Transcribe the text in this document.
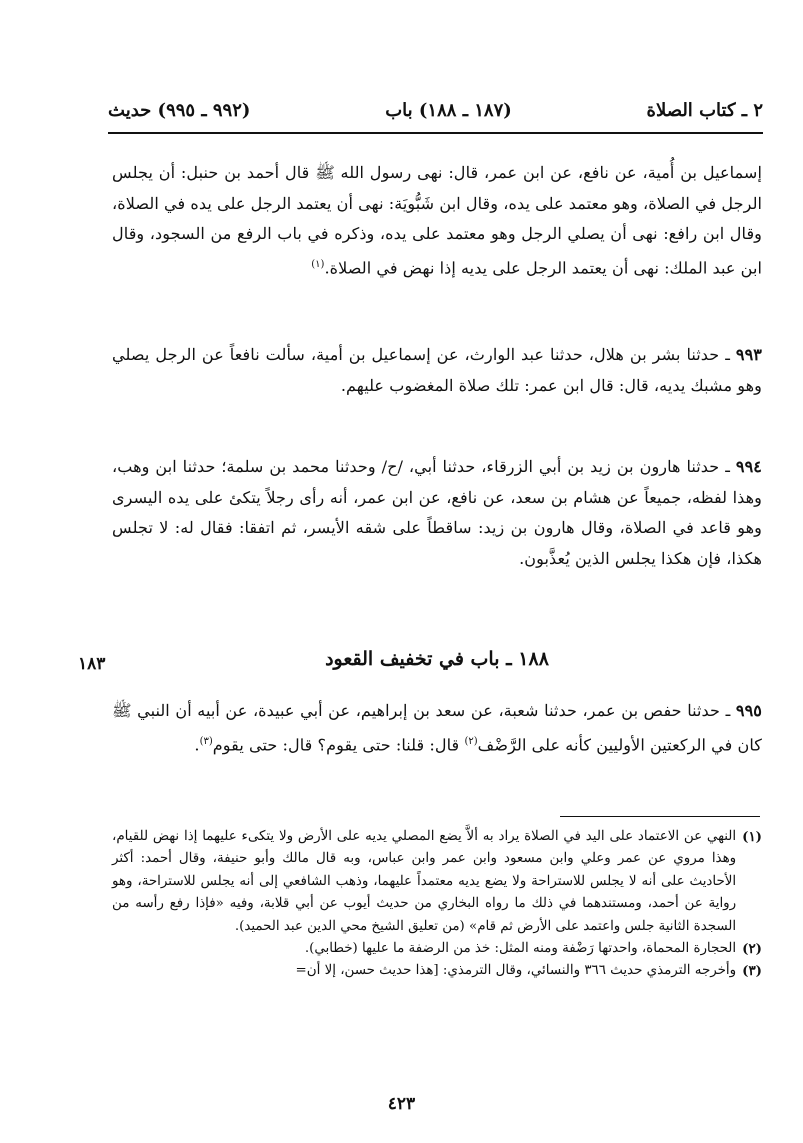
٢ ـ كتاب الصلاة
(١٨٧ ـ ١٨٨) باب
(٩٩٢ ـ ٩٩٥) حديث
إسماعيل بن أُمية، عن نافع، عن ابن عمر، قال: نهى رسول الله ﷺ قال أحمد بن حنبل: أن يجلس الرجل في الصلاة، وهو معتمد على يده، وقال ابن شَبُّويَة: نهى أن يعتمد الرجل على يده في الصلاة، وقال ابن رافع: نهى أن يصلي الرجل وهو معتمد على يده، وذكره في باب الرفع من السجود، وقال ابن عبد الملك: نهى أن يعتمد الرجل على يديه إذا نهض في الصلاة.$^{(١)}$
٩٩٣ ـ حدثنا بشر بن هلال، حدثنا عبد الوارث، عن إسماعيل بن أمية، سألت نافعاً عن الرجل يصلي وهو مشبك يديه، قال: قال ابن عمر: تلك صلاة المغضوب عليهم.
٩٩٤ ـ حدثنا هارون بن زيد بن أبي الزرقاء، حدثنا أبي، /ح/ وحدثنا محمد بن سلمة؛ حدثنا ابن وهب، وهذا لفظه، جميعاً عن هشام بن سعد، عن نافع، عن ابن عمر، أنه رأى رجلاً يتكئ على يده اليسرى وهو قاعد في الصلاة، وقال هارون بن زيد: ساقطاً على شقه الأيسر، ثم اتفقا: فقال له: لا تجلس هكذا، فإن هكذا يجلس الذين يُعذَّبون.
١٨٨ ـ باب في تخفيف القعود
١٨٣
٩٩٥ ـ حدثنا حفص بن عمر، حدثنا شعبة، عن سعد بن إبراهيم، عن أبي عبيدة، عن أبيه أن النبي ﷺ كان في الركعتين الأوليين كأنه على الرَّضْف$^{(٢)}$ قال: قلنا: حتى يقوم؟ قال: حتى يقوم$^{(٣)}$.
(١)
النهي عن الاعتماد على اليد في الصلاة يراد به ألاَّ يضع المصلي يديه على الأرض ولا يتكىء عليهما إذا نهض للقيام، وهذا مروي عن عمر وعلي وابن مسعود وابن عمر وابن عباس، وبه قال مالك وأبو حنيفة، وقال أحمد: أكثر الأحاديث على أنه لا يجلس للاستراحة ولا يضع يديه معتمداً عليهما، وذهب الشافعي إلى أنه يجلس للاستراحة، وهو رواية عن أحمد، ومستندهما في ذلك ما رواه البخاري من حديث أيوب عن أبي قلابة، وفيه «فإذا رفع رأسه من السجدة الثانية جلس واعتمد على الأرض ثم قام» (من تعليق الشيخ محي الدين عبد الحميد).
(٢)
الحجارة المحماة، واحدتها رَضْفة ومنه المثل: خذ من الرضفة ما عليها (خطابي).
(٣)
وأخرجه الترمذي حديث ٣٦٦ والنسائي، وقال الترمذي: [هذا حديث حسن، إلا أن=
٤٢٣
